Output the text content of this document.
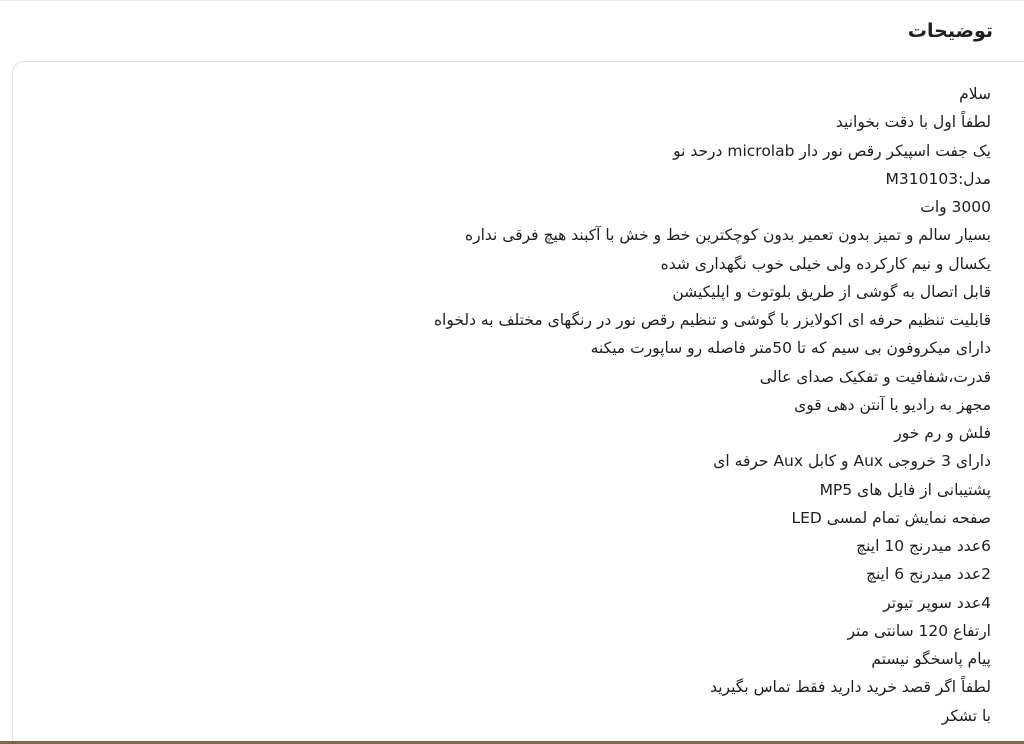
توضیحات
سلام
لطفاً اول با دقت بخوانید
یک جفت اسپیکر رقص نور دار microlab درحد نو
مدل:M310103
3000 وات
بسیار سالم و تمیز بدون تعمیر بدون کوچکترین خط و خش با آکبند هیچ فرقی نداره
یکسال و نیم کارکرده ولی خیلی خوب نگهداری شده
قابل اتصال به گوشی از طریق بلوتوث و اپلیکیشن
قابلیت تنظیم حرفه ای اکولایزر با گوشی و تنظیم رقص نور در رنگهای مختلف به دلخواه
دارای میکروفون بی سیم که تا 50متر فاصله رو ساپورت میکنه
قدرت،شفافیت و تفکیک صدای عالی
مجهز به رادیو با آنتن دهی قوی
فلش و رم خور
دارای 3 خروجی Aux و کابل Aux حرفه ای
پشتیبانی از فایل های MP5
صفحه نمایش تمام لمسی LED
6عدد میدرنج 10 اینچ
2عدد میدرنج 6 اینچ
4عدد سوپر تیوتر
ارتفاع 120 سانتی متر
پیام پاسخگو نیستم
لطفاً اگر قصد خرید دارید فقط تماس بگیرید
با تشکر
